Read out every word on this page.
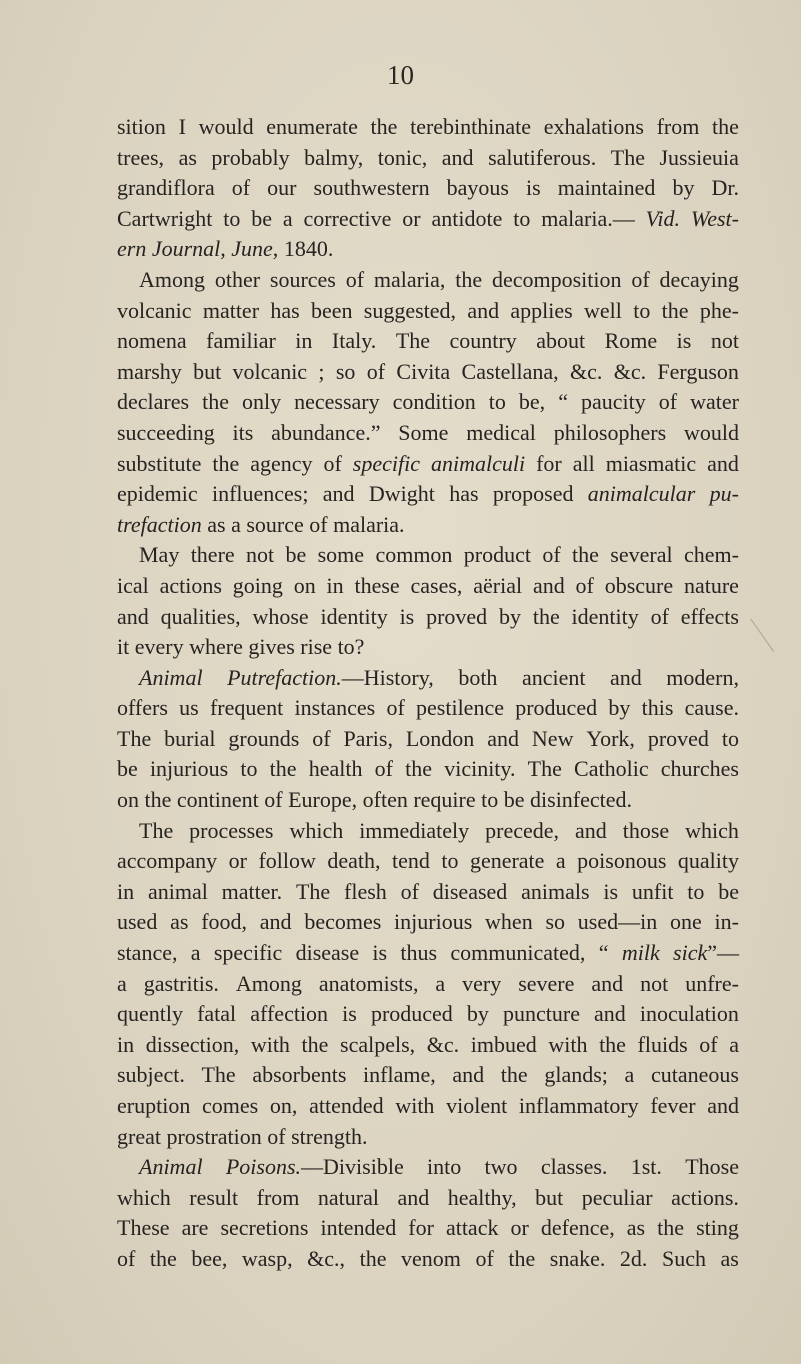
10
sition I would enumerate the terebinthinate exhalations from the
trees, as probably balmy, tonic, and salutiferous. The Jussieuia
grandiflora of our southwestern bayous is maintained by Dr.
Cartwright to be a corrective or antidote to malaria.— Vid. West-
ern Journal, June, 1840.
Among other sources of malaria, the decomposition of decaying
volcanic matter has been suggested, and applies well to the phe-
nomena familiar in Italy. The country about Rome is not
marshy but volcanic ; so of Civita Castellana, &c. &c. Ferguson
declares the only necessary condition to be, “ paucity of water
succeeding its abundance.” Some medical philosophers would
substitute the agency of specific animalculi for all miasmatic and
epidemic influences; and Dwight has proposed animalcular pu-
trefaction as a source of malaria.
May there not be some common product of the several chem-
ical actions going on in these cases, aërial and of obscure nature
and qualities, whose identity is proved by the identity of effects
it every where gives rise to?
Animal Putrefaction.—History, both ancient and modern,
offers us frequent instances of pestilence produced by this cause.
The burial grounds of Paris, London and New York, proved to
be injurious to the health of the vicinity. The Catholic churches
on the continent of Europe, often require to be disinfected.
The processes which immediately precede, and those which
accompany or follow death, tend to generate a poisonous quality
in animal matter. The flesh of diseased animals is unfit to be
used as food, and becomes injurious when so used—in one in-
stance, a specific disease is thus communicated, “ milk sick”—
a gastritis. Among anatomists, a very severe and not unfre-
quently fatal affection is produced by puncture and inoculation
in dissection, with the scalpels, &c. imbued with the fluids of a
subject. The absorbents inflame, and the glands; a cutaneous
eruption comes on, attended with violent inflammatory fever and
great prostration of strength.
Animal Poisons.—Divisible into two classes. 1st. Those
which result from natural and healthy, but peculiar actions.
These are secretions intended for attack or defence, as the sting
of the bee, wasp, &c., the venom of the snake. 2d. Such as
